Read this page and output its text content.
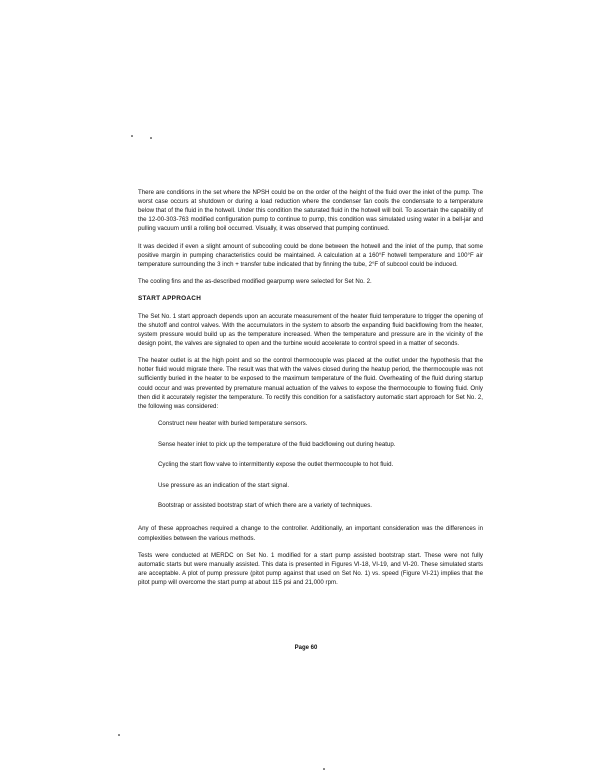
There are conditions in the set where the NPSH could be on the order of the height of the fluid over the inlet of the pump. The worst case occurs at shutdown or during a load reduction where the condenser fan cools the condensate to a temperature below that of the fluid in the hotwell. Under this condition the saturated fluid in the hotwell will boil. To ascertain the capability of the 12-00-303-763 modified configuration pump to continue to pump, this condition was simulated using water in a bell-jar and pulling vacuum until a rolling boil occurred. Visually, it was observed that pumping continued.

It was decided if even a slight amount of subcooling could be done between the hotwell and the inlet of the pump, that some positive margin in pumping characteristics could be maintained. A calculation at a 160°F hotwell temperature and 100°F air temperature surrounding the 3 inch + transfer tube indicated that by finning the tube, 2°F of subcool could be induced.

The cooling fins and the as-described modified gearpump were selected for Set No. 2.

START APPROACH

The Set No. 1 start approach depends upon an accurate measurement of the heater fluid temperature to trigger the opening of the shutoff and control valves. With the accumulators in the system to absorb the expanding fluid backflowing from the heater, system pressure would build up as the temperature increased. When the temperature and pressure are in the vicinity of the design point, the valves are signaled to open and the turbine would accelerate to control speed in a matter of seconds.

The heater outlet is at the high point and so the control thermocouple was placed at the outlet under the hypothesis that the hotter fluid would migrate there. The result was that with the valves closed during the heatup period, the thermocouple was not sufficiently buried in the heater to be exposed to the maximum temperature of the fluid. Overheating of the fluid during startup could occur and was prevented by premature manual actuation of the valves to expose the thermocouple to flowing fluid. Only then did it accurately register the temperature. To rectify this condition for a satisfactory automatic start approach for Set No. 2, the following was considered:

Construct new heater with buried temperature sensors.

Sense heater inlet to pick up the temperature of the fluid backflowing out during heatup.

Cycling the start flow valve to intermittently expose the outlet thermocouple to hot fluid.

Use pressure as an indication of the start signal.

Bootstrap or assisted bootstrap start of which there are a variety of techniques.

Any of these approaches required a change to the controller. Additionally, an important consideration was the differences in complexities between the various methods.

Tests were conducted at MERDC on Set No. 1 modified for a start pump assisted bootstrap start. These were not fully automatic starts but were manually assisted. This data is presented in Figures VI-18, VI-19, and VI-20. These simulated starts are acceptable. A plot of pump pressure (pitot pump against that used on Set No. 1) vs. speed (Figure VI-21) implies that the pitot pump will overcome the start pump at about 115 psi and 21,000 rpm.

Page 60
